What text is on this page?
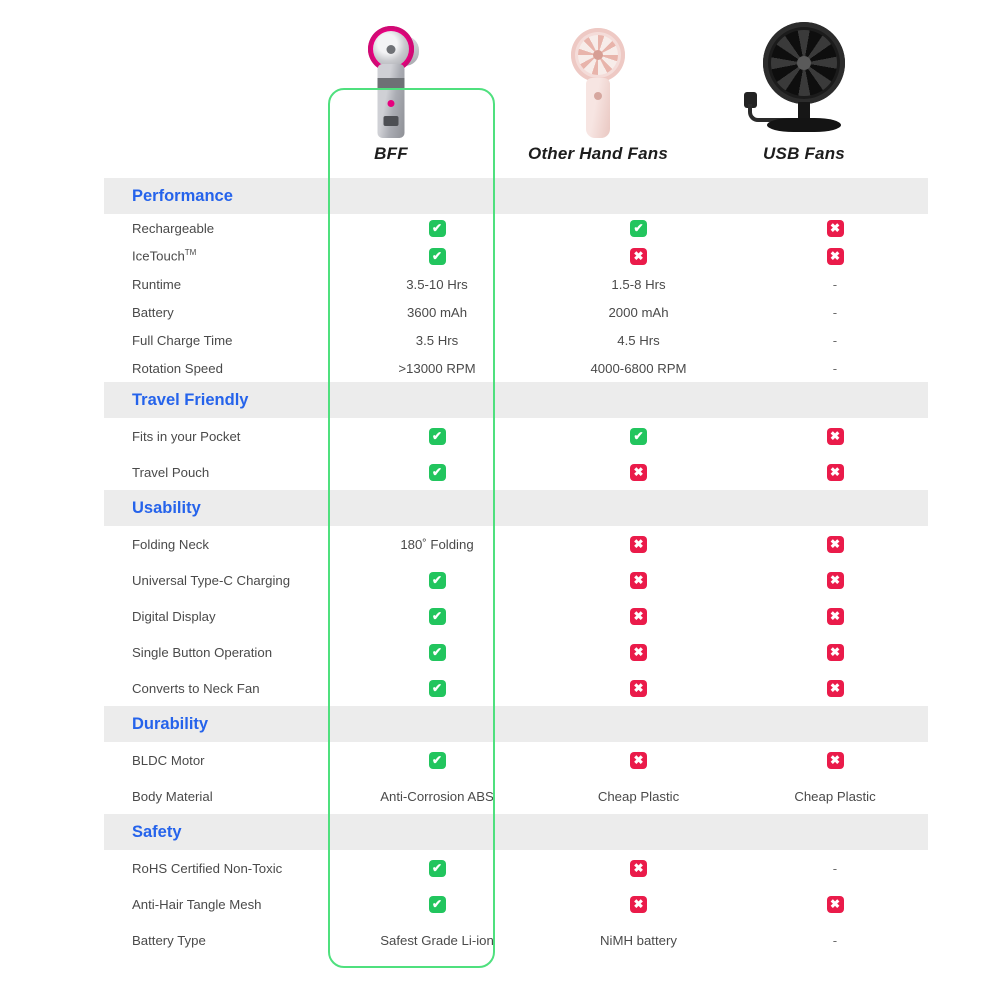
BFF	Other Hand Fans	USB Fans
Performance			
Rechargeable	✔	✔	✖
IceTouch™	✔	✖	✖
Runtime	3.5-10 Hrs	1.5-8 Hrs	-
Battery	3600 mAh	2000 mAh	-
Full Charge Time	3.5 Hrs	4.5 Hrs	-
Rotation Speed	>13000 RPM	4000-6800 RPM	-
Travel Friendly			
Fits in your Pocket	✔	✔	✖
Travel Pouch	✔	✖	✖
Usability			
Folding Neck	180˚ Folding	✖	✖
Universal Type-C Charging	✔	✖	✖
Digital Display	✔	✖	✖
Single Button Operation	✔	✖	✖
Converts to Neck Fan	✔	✖	✖
Durability			
BLDC Motor	✔	✖	✖
Body Material	Anti-Corrosion ABS	Cheap Plastic	Cheap Plastic
Safety			
RoHS Certified Non-Toxic	✔	✖	-
Anti-Hair Tangle Mesh	✔	✖	✖
Battery Type	Safest Grade Li-ion	NiMH battery	-
